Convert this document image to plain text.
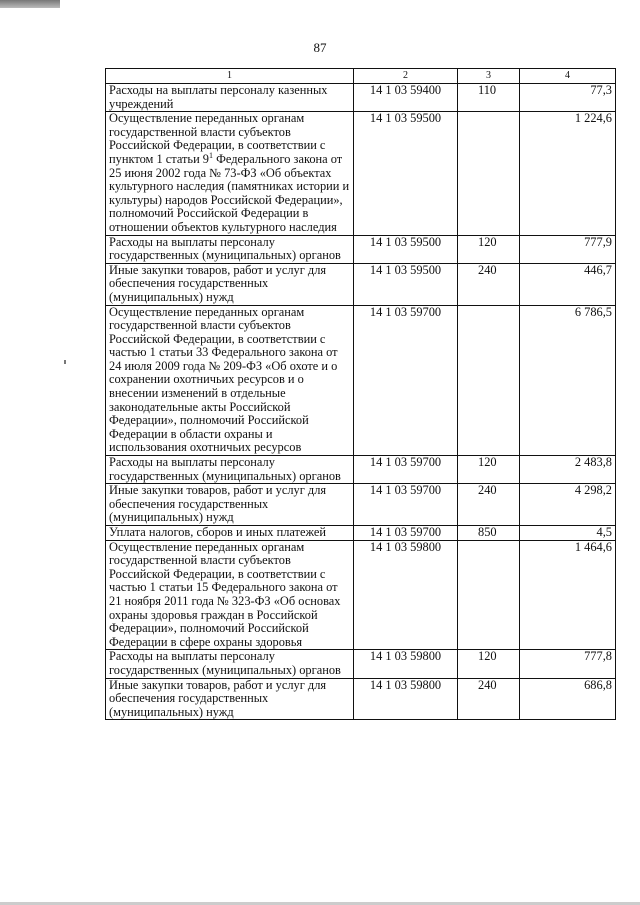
87
1	2	3	4
Расходы на выплаты персоналу казенных учреждений	14 1 03 59400	110	77,3
Осуществление переданных органам государственной власти субъектов Российской Федерации, в соответствии с пунктом 1 статьи $9^1$ Федерального закона от 25 июня 2002 года № 73-ФЗ «Об объектах культурного наследия (памятниках истории и культуры) народов Российской Федерации», полномочий Российской Федерации в отношении объектов культурного наследия	14 1 03 59500		1 224,6
Расходы на выплаты персоналу государственных (муниципальных) органов	14 1 03 59500	120	777,9
Иные закупки товаров, работ и услуг для обеспечения государственных (муниципальных) нужд	14 1 03 59500	240	446,7
Осуществление переданных органам государственной власти субъектов Российской Федерации, в соответствии с частью 1 статьи 33 Федерального закона от 24 июля 2009 года № 209-ФЗ «Об охоте и о сохранении охотничьих ресурсов и о внесении изменений в отдельные законодательные акты Российской Федерации», полномочий Российской Федерации в области охраны и использования охотничьих ресурсов	14 1 03 59700		6 786,5
Расходы на выплаты персоналу государственных (муниципальных) органов	14 1 03 59700	120	2 483,8
Иные закупки товаров, работ и услуг для обеспечения государственных (муниципальных) нужд	14 1 03 59700	240	4 298,2
Уплата налогов, сборов и иных платежей	14 1 03 59700	850	4,5
Осуществление переданных органам государственной власти субъектов Российской Федерации, в соответствии с частью 1 статьи 15 Федерального закона от 21 ноября 2011 года № 323-ФЗ «Об основах охраны здоровья граждан в Российской Федерации», полномочий Российской Федерации в сфере охраны здоровья	14 1 03 59800		1 464,6
Расходы на выплаты персоналу государственных (муниципальных) органов	14 1 03 59800	120	777,8
Иные закупки товаров, работ и услуг для обеспечения государственных (муниципальных) нужд	14 1 03 59800	240	686,8
